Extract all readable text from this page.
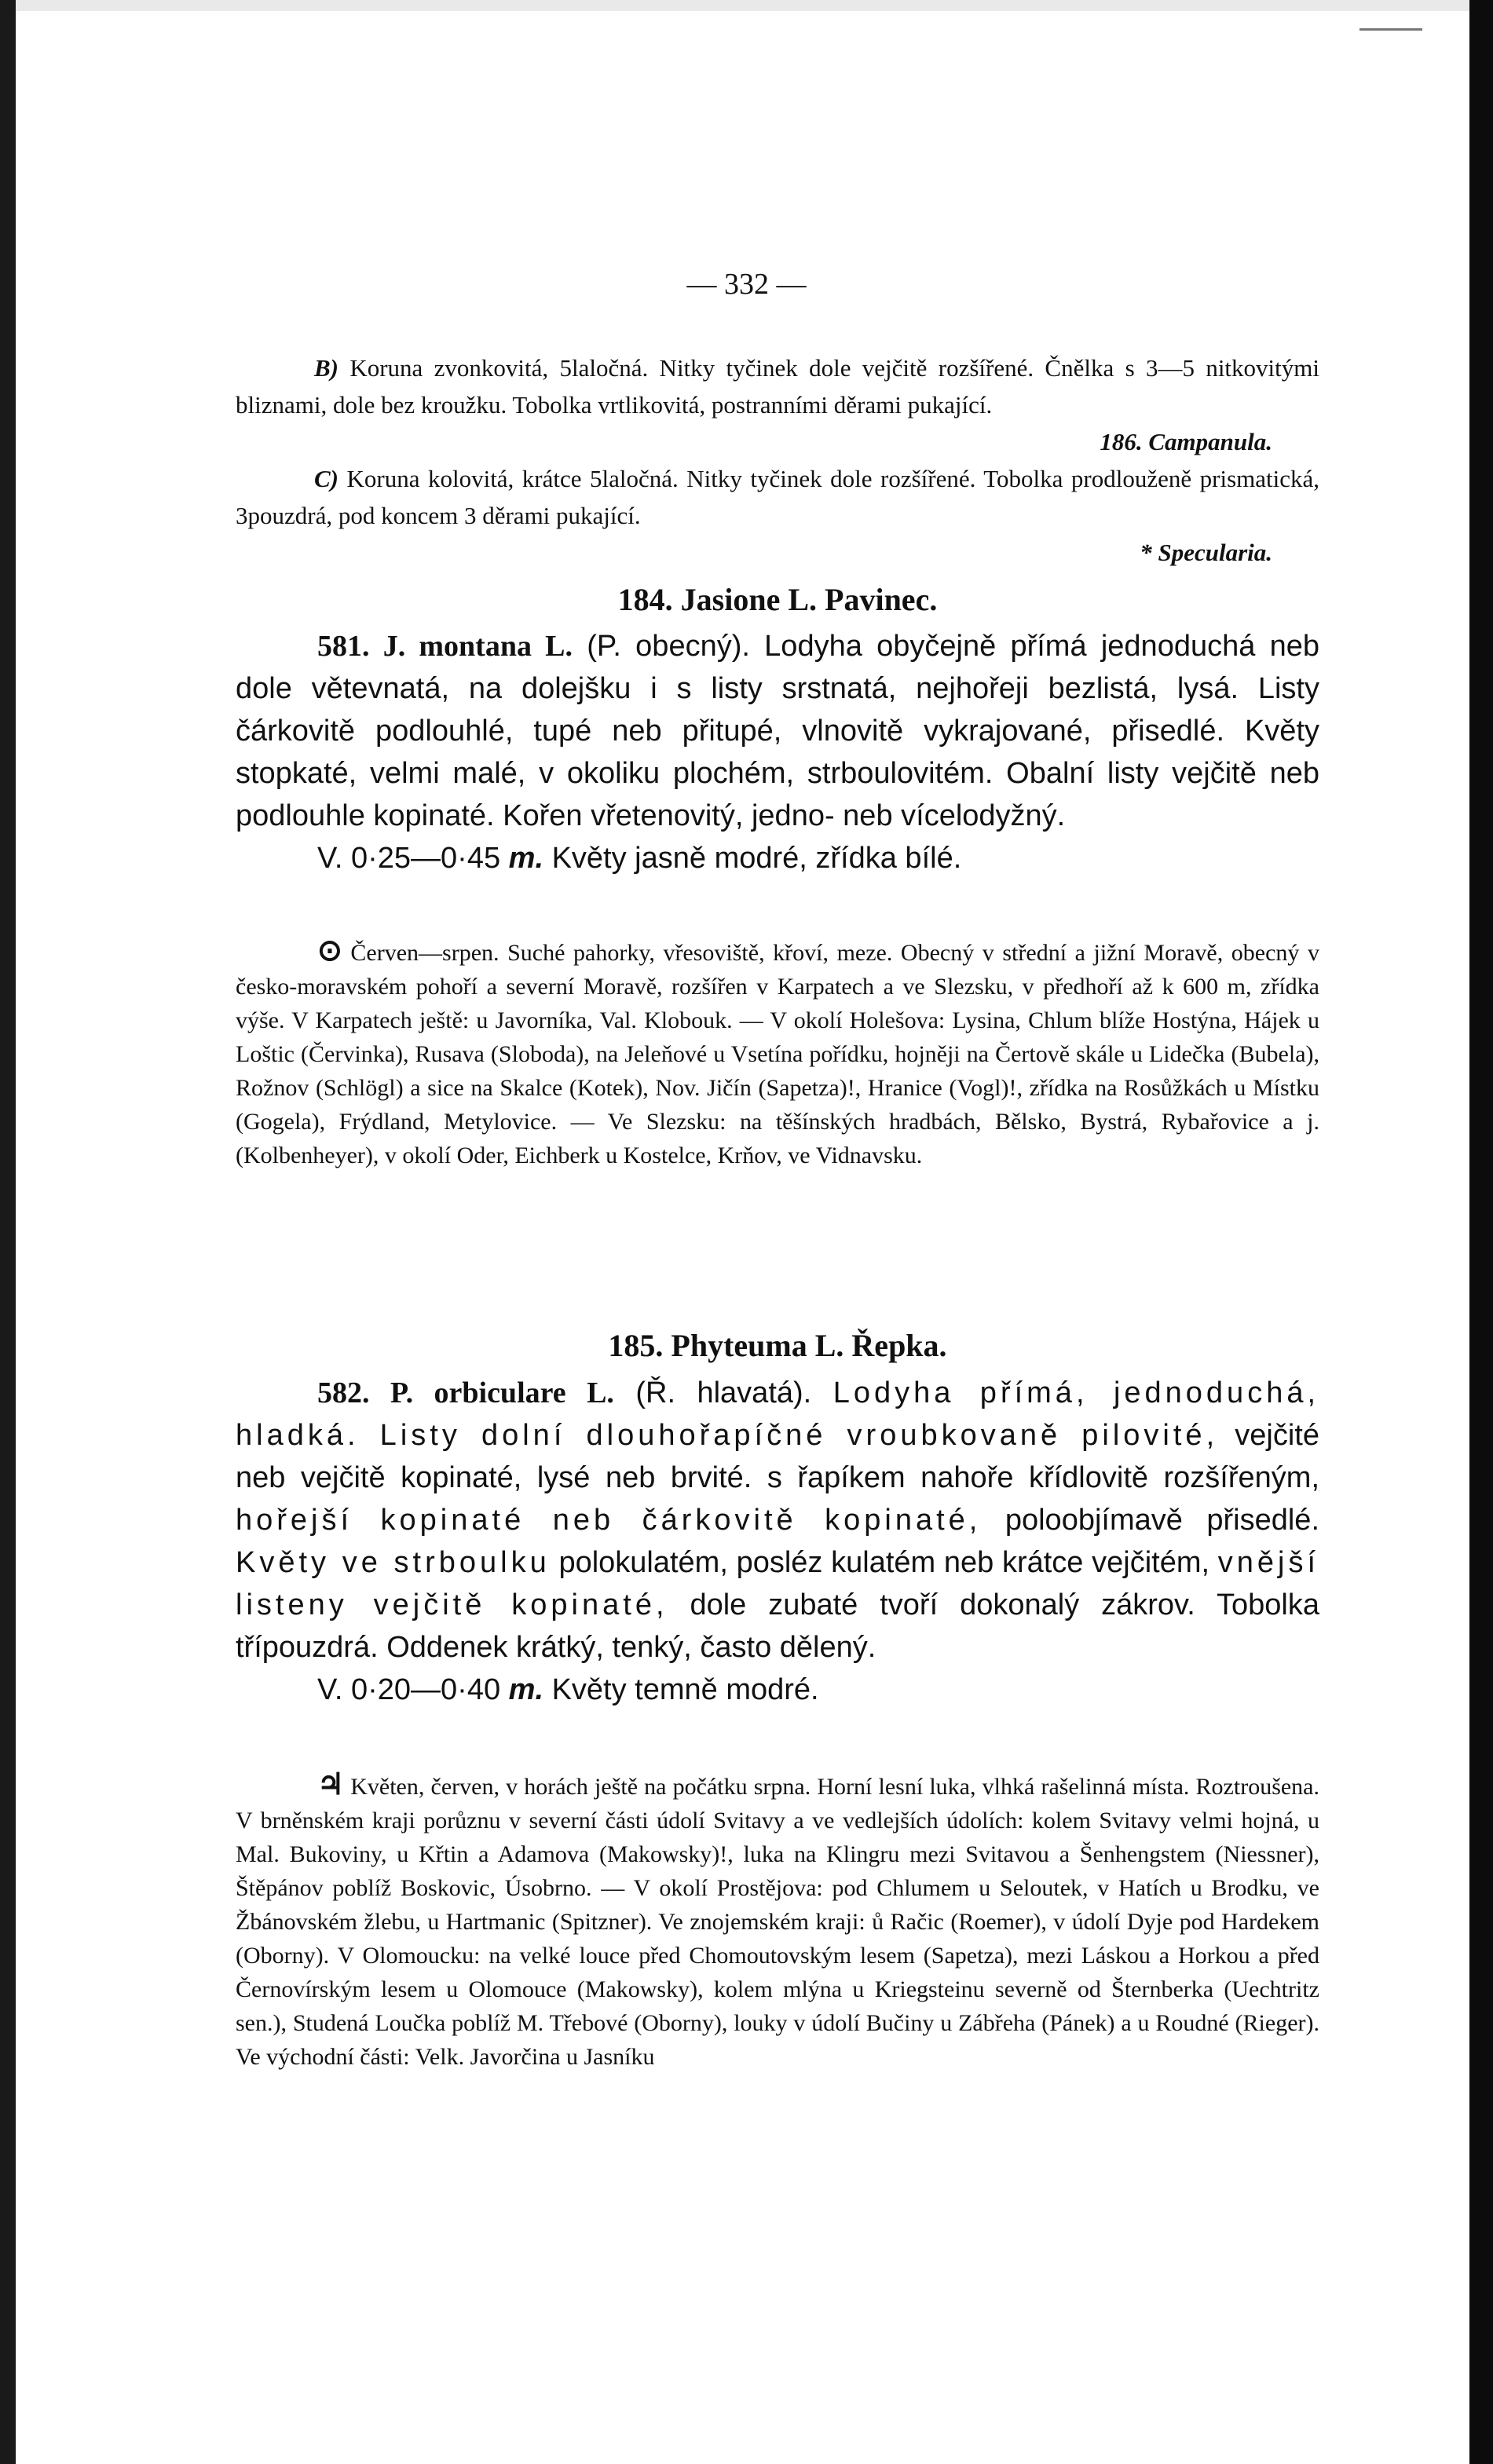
— 332 —

B) Koruna zvonkovitá, 5laločná. Nitky tyčinek dole vejčitě rozšířené. Čnělka s 3—5 nitkovitými bliznami, dole bez kroužku. Tobolka vrtlikovitá, postranními děrami pukající.
186. Campanula.

C) Koruna kolovitá, krátce 5laločná. Nitky tyčinek dole rozšířené. Tobolka prodlouženě prismatická, 3pouzdrá, pod koncem 3 děrami pukající.
* Specularia.

184. Jasione L. Pavinec.

581. J. montana L. (P. obecný). Lodyha obyčejně přímá jednoduchá neb dole větevnatá, na dolejšku i s listy srstnatá, nejhořeji bezlistá, lysá. Listy čárkovitě podlouhlé, tupé neb přitupé, vlnovitě vykrajované, přisedlé. Květy stopkaté, velmi malé, v okoliku plochém, strboulovitém. Obalní listy vejčitě neb podlouhle kopinaté. Kořen vřetenovitý, jedno- neb vícelodyžný.

V. 0·25—0·45 m. Květy jasně modré, zřídka bílé.

⊙ Červen—srpen. Suché pahorky, vřesoviště, křoví, meze. Obecný v střední a jižní Moravě, obecný v česko-moravském pohoří a severní Moravě, rozšířen v Karpatech a ve Slezsku, v předhoří až k 600 m, zřídka výše. V Karpatech ještě: u Javorníka, Val. Klobouk. — V okolí Holešova: Lysina, Chlum blíže Hostýna, Hájek u Loštic (Červinka), Rusava (Sloboda), na Jeleňové u Vsetína pořídku, hojněji na Čertově skále u Lidečka (Bubela), Rožnov (Schlögl) a sice na Skalce (Kotek), Nov. Jičín (Sapetza)!, Hranice (Vogl)!, zřídka na Rosůžkách u Místku (Gogela), Frýdland, Metylovice. — Ve Slezsku: na těšínských hradbách, Bělsko, Bystrá, Rybařovice a j. (Kolbenheyer), v okolí Oder, Eichberk u Kostelce, Krňov, ve Vidnavsku.

185. Phyteuma L. Řepka.

582. P. orbiculare L. (Ř. hlavatá). Lodyha přímá, jednoduchá, hladká. Listy dolní dlouhořapíčné vroubkovaně pilovité, vejčité neb vejčitě kopinaté, lysé neb brvité. s řapíkem nahoře křídlovitě rozšířeným, hořejší kopinaté neb čárkovitě kopinaté, poloobjímavě přisedlé. Květy ve strboulku polokulatém, posléz kulatém neb krátce vejčitém, vnější listeny vejčitě kopinaté, dole zubaté tvoří dokonalý zákrov. Tobolka třípouzdrá. Oddenek krátký, tenký, často dělený.

V. 0·20—0·40 m. Květy temně modré.

♃ Květen, červen, v horách ještě na počátku srpna. Horní lesní luka, vlhká rašelinná místa. Roztroušena. V brněnském kraji porůznu v severní části údolí Svitavy a ve vedlejších údolích: kolem Svitavy velmi hojná, u Mal. Bukoviny, u Křtin a Adamova (Makowsky)!, luka na Klingru mezi Svitavou a Šenhengstem (Niessner), Štěpánov poblíž Boskovic, Úsobrno. — V okolí Prostějova: pod Chlumem u Seloutek, v Hatích u Brodku, ve Žbánovském žlebu, u Hartmanic (Spitzner). Ve znojemském kraji: ů Račic (Roemer), v údolí Dyje pod Hardekem (Oborny). V Olomoucku: na velké louce před Chomoutovským lesem (Sapetza), mezi Láskou a Horkou a před Černovírským lesem u Olomouce (Makowsky), kolem mlýna u Kriegsteinu severně od Šternberka (Uechtritz sen.), Studená Loučka poblíž M. Třebové (Oborny), louky v údolí Bučiny u Zábřeha (Pánek) a u Roudné (Rieger). Ve východní části: Velk. Javorčina u Jasníku
